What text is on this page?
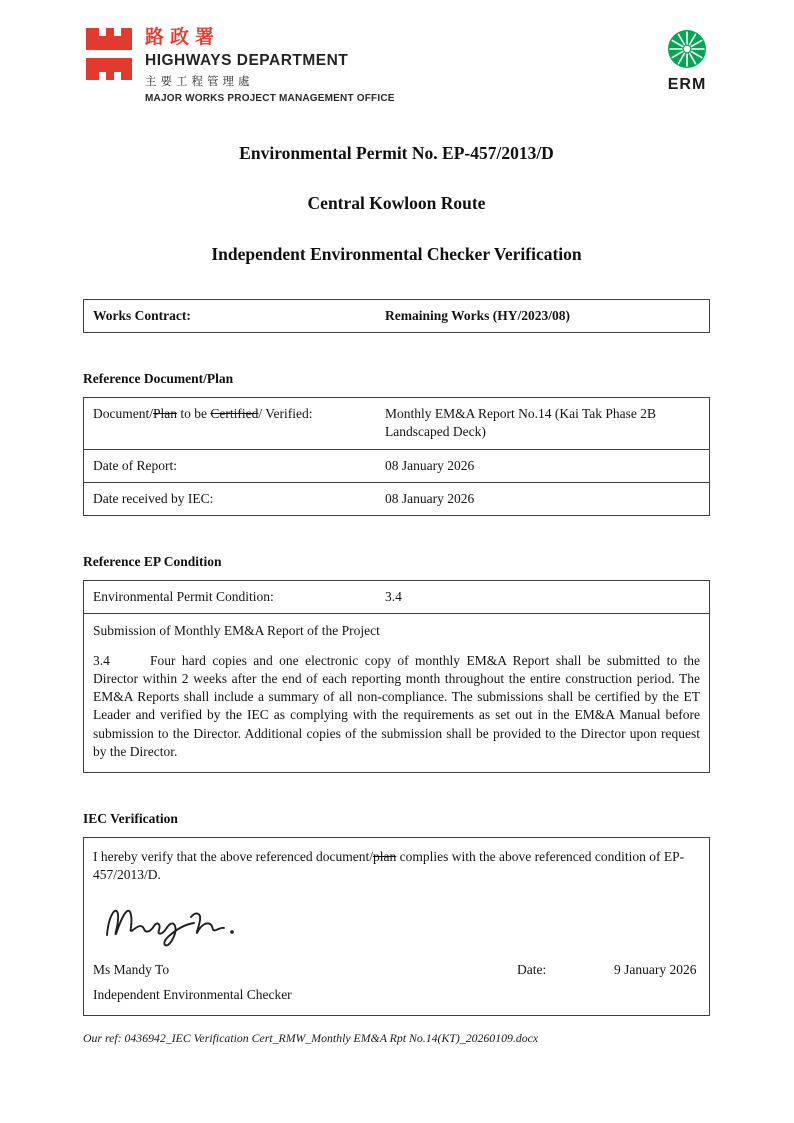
路政署
HIGHWAYS DEPARTMENT
主要工程管理處
MAJOR WORKS PROJECT MANAGEMENT OFFICE
ERM
Environmental Permit No. EP-457/2013/D
Central Kowloon Route
Independent Environmental Checker Verification
Works Contract:	Remaining Works (HY/2023/08)
Reference Document/Plan
Document/Plan to be Certified/ Verified:	Monthly EM&A Report No.14 (Kai Tak Phase 2B Landscaped Deck)
Date of Report:	08 January 2026
Date received by IEC:	08 January 2026
Reference EP Condition
Environmental Permit Condition:	3.4

Submission of Monthly EM&A Report of the Project

3.4	Four hard copies and one electronic copy of monthly EM&A Report shall be submitted to the Director within 2 weeks after the end of each reporting month throughout the entire construction period. The EM&A Reports shall include a summary of all non-compliance. The submissions shall be certified by the ET Leader and verified by the IEC as complying with the requirements as set out in the EM&A Manual before submission to the Director. Additional copies of the submission shall be provided to the Director upon request by the Director.

IEC Verification

I hereby verify that the above referenced document/plan complies with the above referenced condition of EP-457/2013/D.

Ms Mandy To	Date:	9 January 2026
Independent Environmental Checker
Our ref: 0436942_IEC Verification Cert_RMW_Monthly EM&A Rpt No.14(KT)_20260109.docx
